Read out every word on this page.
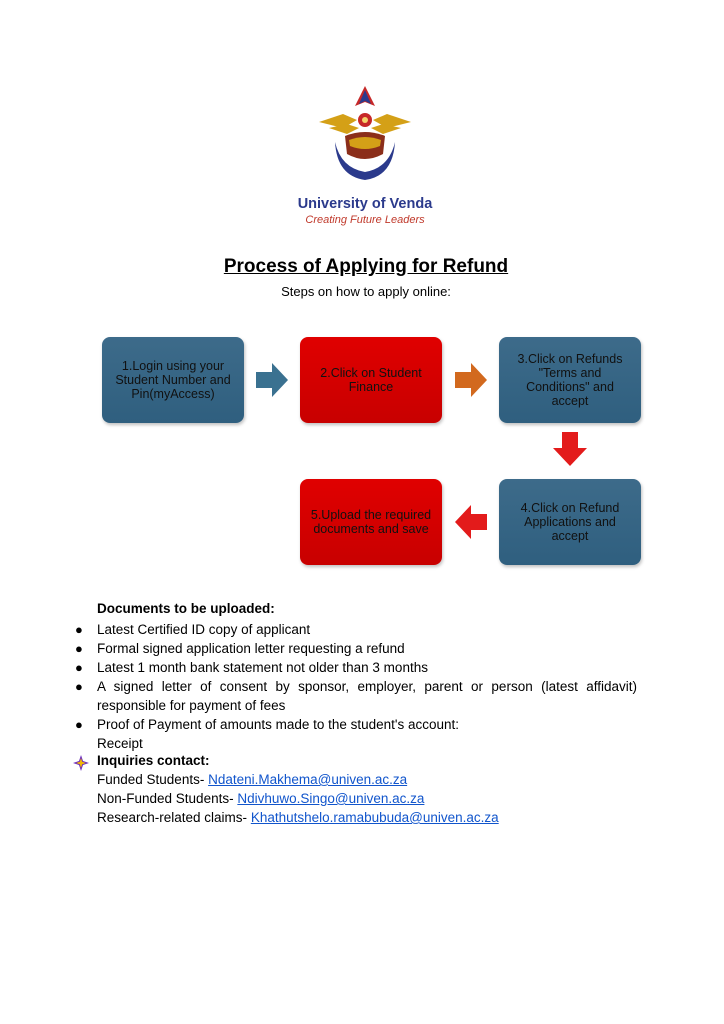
University of Venda
Creating Future Leaders
Process of Applying for Refund
Steps on how to apply online:
1.Login using your Student Number and Pin(myAccess)
2.Click on Student Finance
3.Click on Refunds "Terms and Conditions" and accept
4.Click on Refund Applications and accept
5.Upload the required documents and save
Documents to be uploaded:
● Latest Certified ID copy of applicant
● Formal signed application letter requesting a refund
● Latest 1 month bank statement not older than 3 months
● A signed letter of consent by sponsor, employer, parent or person (latest affidavit) responsible for payment of fees
● Proof of Payment of amounts made to the student's account:
Receipt
Inquiries contact:
Funded Students- Ndateni.Makhema@univen.ac.za
Non-Funded Students- Ndivhuwo.Singo@univen.ac.za
Research-related claims- Khathutshelo.ramabubuda@univen.ac.za
